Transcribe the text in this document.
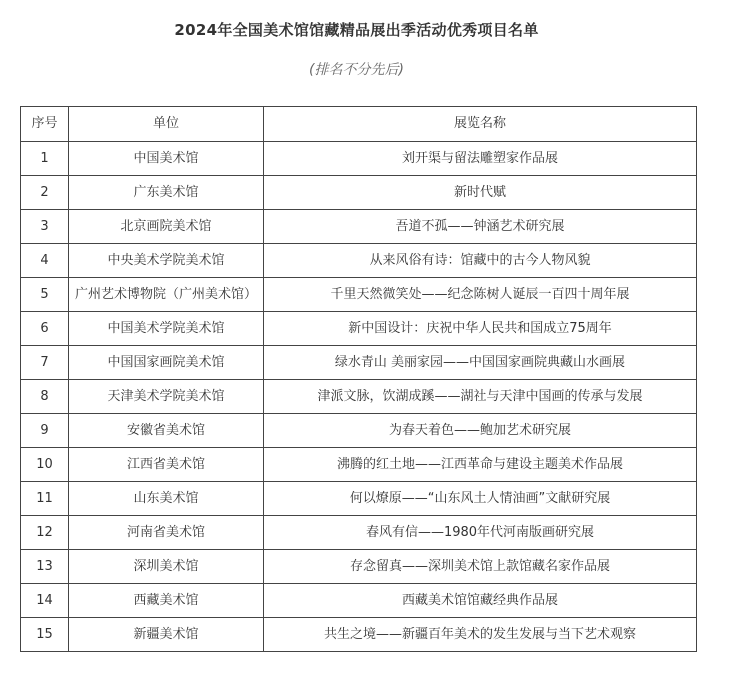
2024年全国美术馆馆藏精品展出季活动优秀项目名单
(排名不分先后)
序号	单位	展览名称
1	中国美术馆	刘开渠与留法雕塑家作品展
2	广东美术馆	新时代赋
3	北京画院美术馆	吾道不孤——钟涵艺术研究展
4	中央美术学院美术馆	从来风俗有诗：馆藏中的古今人物风貌
5	广州艺术博物院（广州美术馆）	千里天然微笑处——纪念陈树人诞辰一百四十周年展
6	中国美术学院美术馆	新中国设计：庆祝中华人民共和国成立75周年
7	中国国家画院美术馆	绿水青山 美丽家园——中国国家画院典藏山水画展
8	天津美术学院美术馆	津派文脉，饮湖成蹊——湖社与天津中国画的传承与发展
9	安徽省美术馆	为春天着色——鲍加艺术研究展
10	江西省美术馆	沸腾的红土地——江西革命与建设主题美术作品展
11	山东美术馆	何以燎原——“山东风土人情油画”文献研究展
12	河南省美术馆	春风有信——1980年代河南版画研究展
13	深圳美术馆	存念留真——深圳美术馆上款馆藏名家作品展
14	西藏美术馆	西藏美术馆馆藏经典作品展
15	新疆美术馆	共生之境——新疆百年美术的发生发展与当下艺术观察
